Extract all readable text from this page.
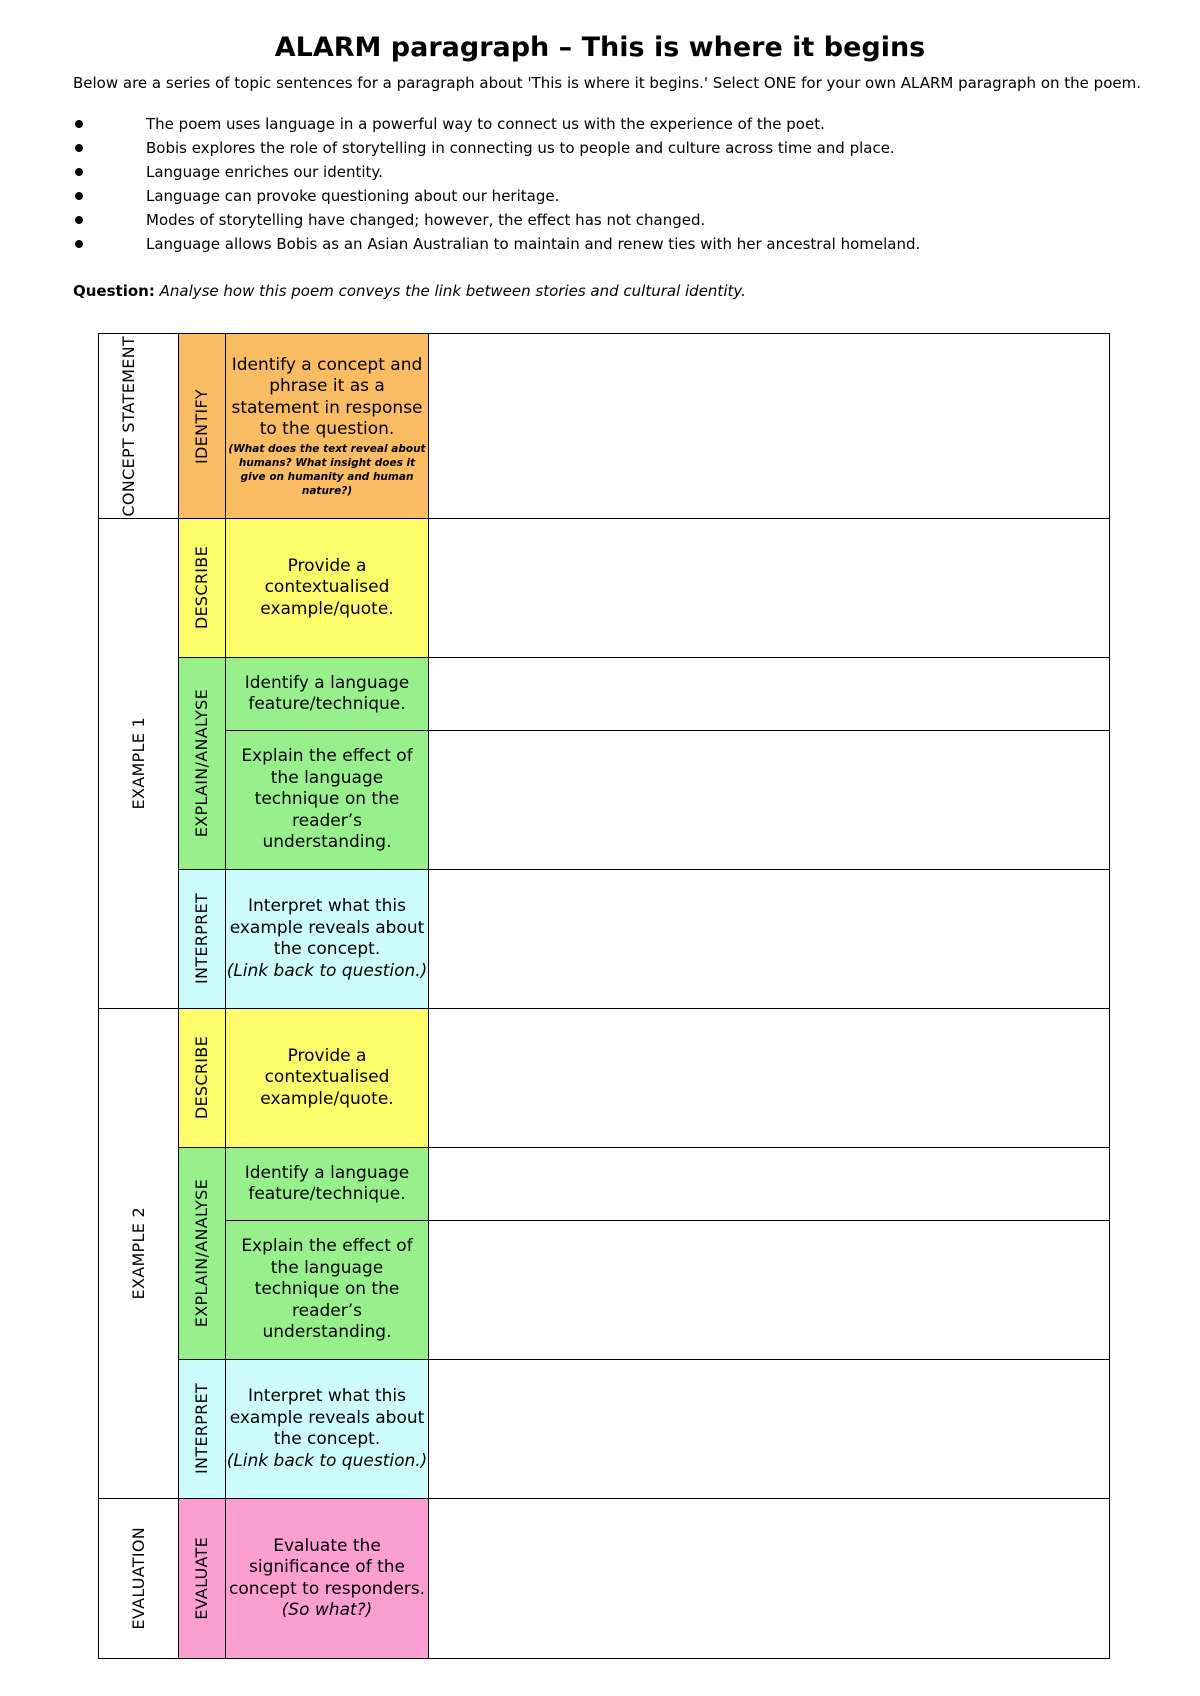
ALARM paragraph – This is where it begins
Below are a series of topic sentences for a paragraph about 'This is where it begins.' Select ONE for your own ALARM paragraph on the poem.
The poem uses language in a powerful way to connect us with the experience of the poet.
Bobis explores the role of storytelling in connecting us to people and culture across time and place.
Language enriches our identity.
Language can provoke questioning about our heritage.
Modes of storytelling have changed; however, the effect has not changed.
Language allows Bobis as an Asian Australian to maintain and renew ties with her ancestral homeland.
Question: Analyse how this poem conveys the link between stories and cultural identity.
CONCEPT STATEMENT	IDENTIFY	Identify a concept and phrase it as a statement in response to the question.
(What does the text reveal about humans? What insight does it give on humanity and human nature?)	

EXAMPLE 1	DESCRIBE	Provide a contextualised example/quote.	

	EXPLAIN/ANALYSE	Identify a language feature/technique.	
		Explain the effect of the language technique on the reader’s understanding.	

	INTERPRET	Interpret what this example reveals about the concept.
(Link back to question.)	

EXAMPLE 2	DESCRIBE	Provide a contextualised example/quote.	

	EXPLAIN/ANALYSE	Identify a language feature/technique.	
		Explain the effect of the language technique on the reader’s understanding.	

	INTERPRET	Interpret what this example reveals about the concept.
(Link back to question.)	

EVALUATION	EVALUATE	Evaluate the significance of the concept to responders.
(So what?)	
